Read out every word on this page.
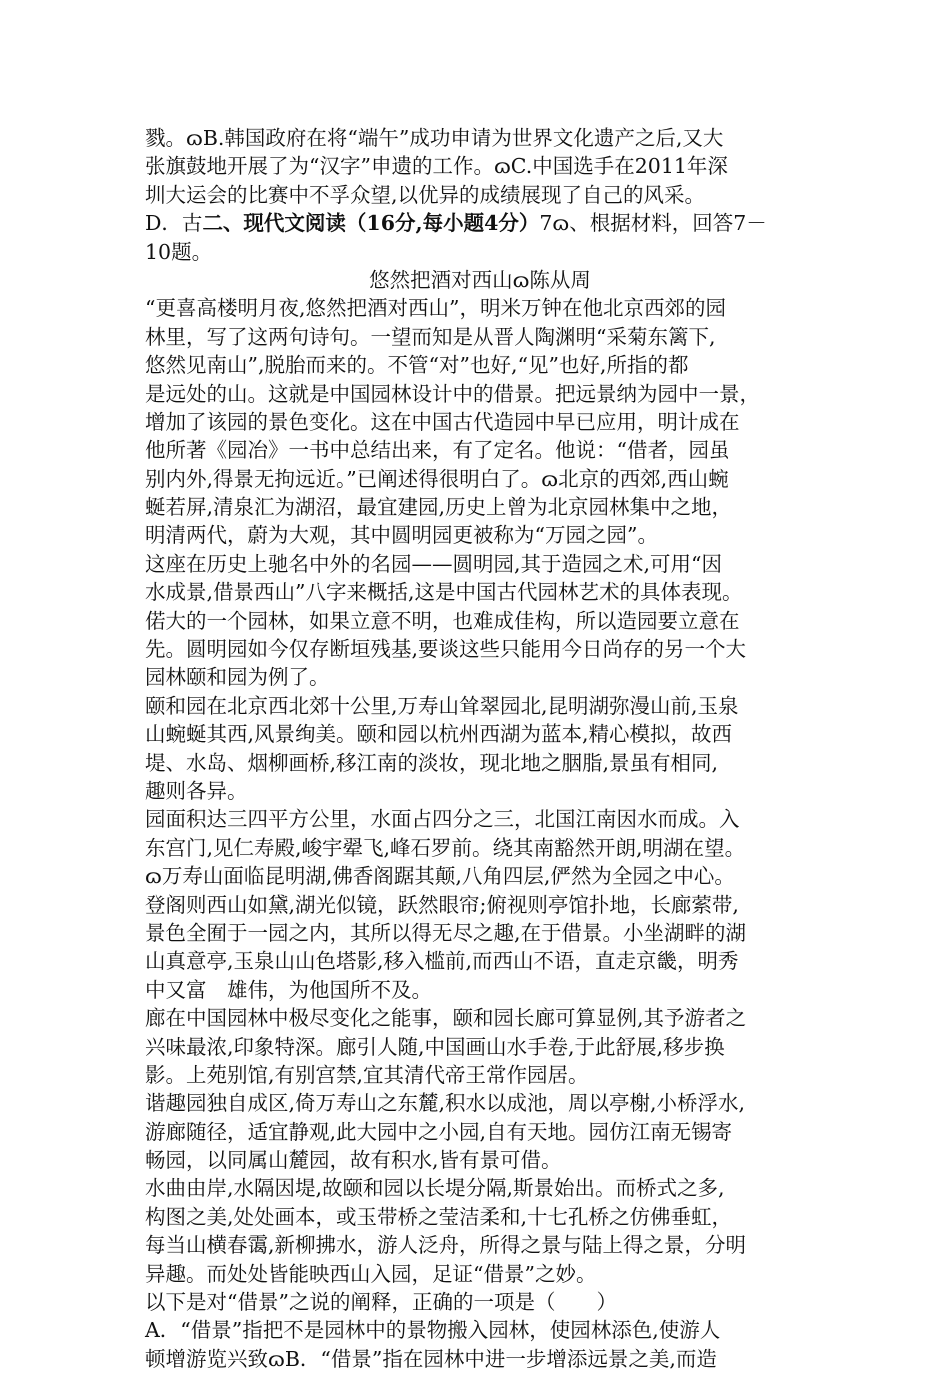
戮。ɷB.韩国政府在将“端午”成功申请为世界文化遗产之后,又大
张旗鼓地开展了为“汉字”申遗的工作。ɷC.中国选手在2011年深
圳大运会的比赛中不孚众望,以优异的成绩展现了自己的风采。
D．古二、现代文阅读（16分,每小题4分）7ɷ、根据材料，回答7－
10题。
悠然把酒对西山ɷ陈从周
“更喜高楼明月夜,悠然把酒对西山”，明米万钟在他北京西郊的园
林里，写了这两句诗句。一望而知是从晋人陶渊明“采菊东篱下,
悠然见南山”,脱胎而来的。不管“对”也好,“见”也好,所指的都
是远处的山。这就是中国园林设计中的借景。把远景纳为园中一景，
增加了该园的景色变化。这在中国古代造园中早已应用，明计成在
他所著《园冶》一书中总结出来，有了定名。他说：“借者，园虽
别内外,得景无拘远近。”已阐述得很明白了。ɷ北京的西郊,西山蜿
蜒若屏,清泉汇为湖沼，最宜建园,历史上曾为北京园林集中之地，
明清两代，蔚为大观，其中圆明园更被称为“万园之园”。
这座在历史上驰名中外的名园——圆明园,其于造园之术,可用“因
水成景,借景西山”八字来概括,这是中国古代园林艺术的具体表现。
偌大的一个园林，如果立意不明，也难成佳构，所以造园要立意在
先。圆明园如今仅存断垣残基,要谈这些只能用今日尚存的另一个大
园林颐和园为例了。
颐和园在北京西北郊十公里,万寿山耸翠园北,昆明湖弥漫山前,玉泉
山蜿蜒其西,风景绚美。颐和园以杭州西湖为蓝本,精心模拟，故西
堤、水岛、烟柳画桥,移江南的淡妆，现北地之胭脂,景虽有相同,
趣则各异。
园面积达三四平方公里，水面占四分之三，北国江南因水而成。入
东宫门,见仁寿殿,峻宇翚飞,峰石罗前。绕其南豁然开朗,明湖在望。
ɷ万寿山面临昆明湖,佛香阁踞其颠,八角四层,俨然为全园之中心。
登阁则西山如黛,湖光似镜，跃然眼帘;俯视则亭馆扑地，长廊萦带,
景色全囿于一园之内，其所以得无尽之趣,在于借景。小坐湖畔的湖
山真意亭,玉泉山山色塔影,移入槛前,而西山不语，直走京畿，明秀
中又富　雄伟，为他国所不及。
廊在中国园林中极尽变化之能事，颐和园长廊可算显例,其予游者之
兴味最浓,印象特深。廊引人随,中国画山水手卷,于此舒展,移步换
影。上苑别馆,有别宫禁,宜其清代帝王常作园居。
谐趣园独自成区,倚万寿山之东麓,积水以成池，周以亭榭,小桥浮水,
游廊随径，适宜静观,此大园中之小园,自有天地。园仿江南无锡寄
畅园，以同属山麓园，故有积水,皆有景可借。
水曲由岸,水隔因堤,故颐和园以长堤分隔,斯景始出。而桥式之多,
构图之美,处处画本，或玉带桥之莹洁柔和,十七孔桥之仿佛垂虹，
每当山横春霭,新柳拂水，游人泛舟，所得之景与陆上得之景，分明
异趣。而处处皆能映西山入园，足证“借景”之妙。
以下是对“借景”之说的阐释，正确的一项是（　　）
A．“借景”指把不是园林中的景物搬入园林，使园林添色,使游人
顿增游览兴致ɷB．“借景”指在园林中进一步增添远景之美,而造
